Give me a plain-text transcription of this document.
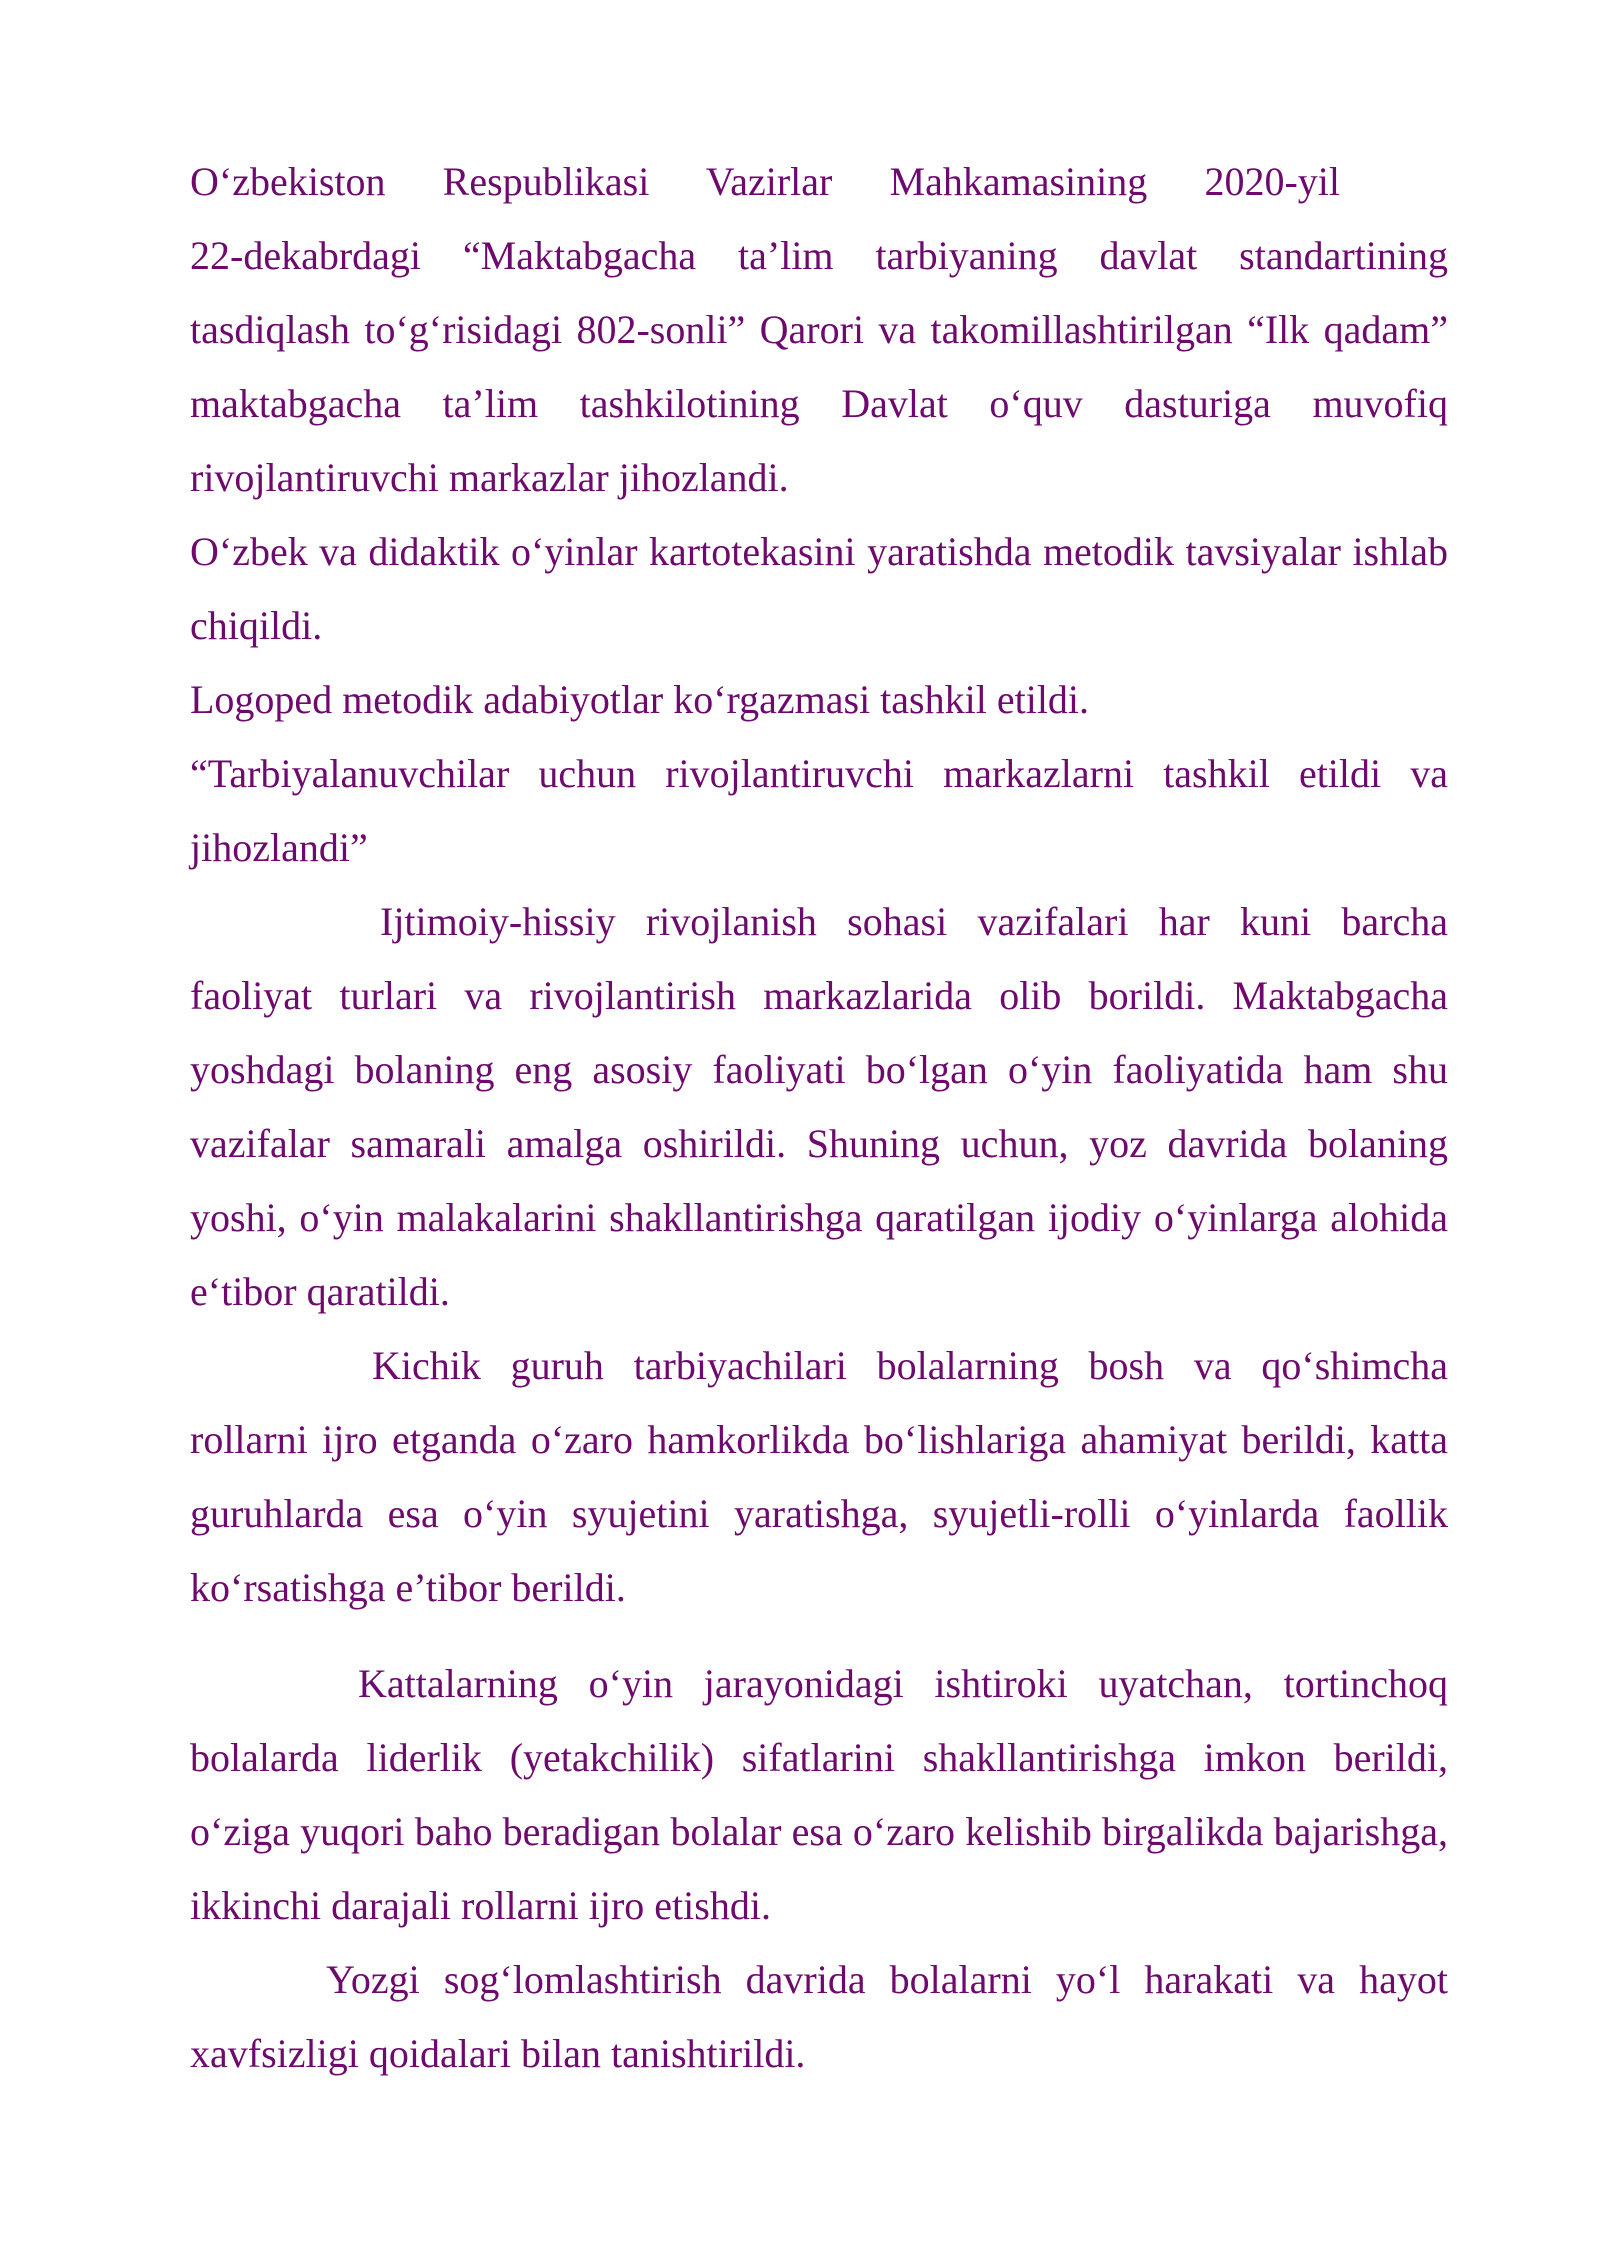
O‘zbekiston Respublikasi Vazirlar Mahkamasining 2020-yil
22-dekabrdagi “Maktabgacha ta’lim tarbiyaning davlat standartining tasdiqlash to‘g‘risidagi 802-sonli” Qarori va takomillashtirilgan “Ilk qadam” maktabgacha ta’lim tashkilotining Davlat o‘quv dasturiga muvofiq rivojlantiruvchi markazlar jihozlandi.

O‘zbek va didaktik o‘yinlar kartotekasini yaratishda metodik tavsiyalar ishlab chiqildi.

Logoped metodik adabiyotlar ko‘rgazmasi tashkil etildi.

“Tarbiyalanuvchilar uchun rivojlantiruvchi markazlarni tashkil etildi va jihozlandi”

Ijtimoiy-hissiy rivojlanish sohasi vazifalari har kuni barcha faoliyat turlari va rivojlantirish markazlarida olib borildi. Maktabgacha yoshdagi bolaning eng asosiy faoliyati bo‘lgan o‘yin faoliyatida ham shu vazifalar samarali amalga oshirildi. Shuning uchun, yoz davrida bolaning yoshi, o‘yin malakalarini shakllantirishga qaratilgan ijodiy o‘yinlarga alohida e‘tibor qaratildi.

Kichik guruh tarbiyachilari bolalarning bosh va qo‘shimcha rollarni ijro etganda o‘zaro hamkorlikda bo‘lishlariga ahamiyat berildi, katta guruhlarda esa o‘yin syujetini yaratishga, syujetli-rolli o‘yinlarda faollik ko‘rsatishga e’tibor berildi.

Kattalarning o‘yin jarayonidagi ishtiroki uyatchan, tortinchoq bolalarda liderlik (yetakchilik) sifatlarini shakllantirishga imkon berildi, o‘ziga yuqori baho beradigan bolalar esa o‘zaro kelishib birgalikda bajarishga, ikkinchi darajali rollarni ijro etishdi.

Yozgi sog‘lomlashtirish davrida bolalarni yo‘l harakati va hayot xavfsizligi qoidalari bilan tanishtirildi.
